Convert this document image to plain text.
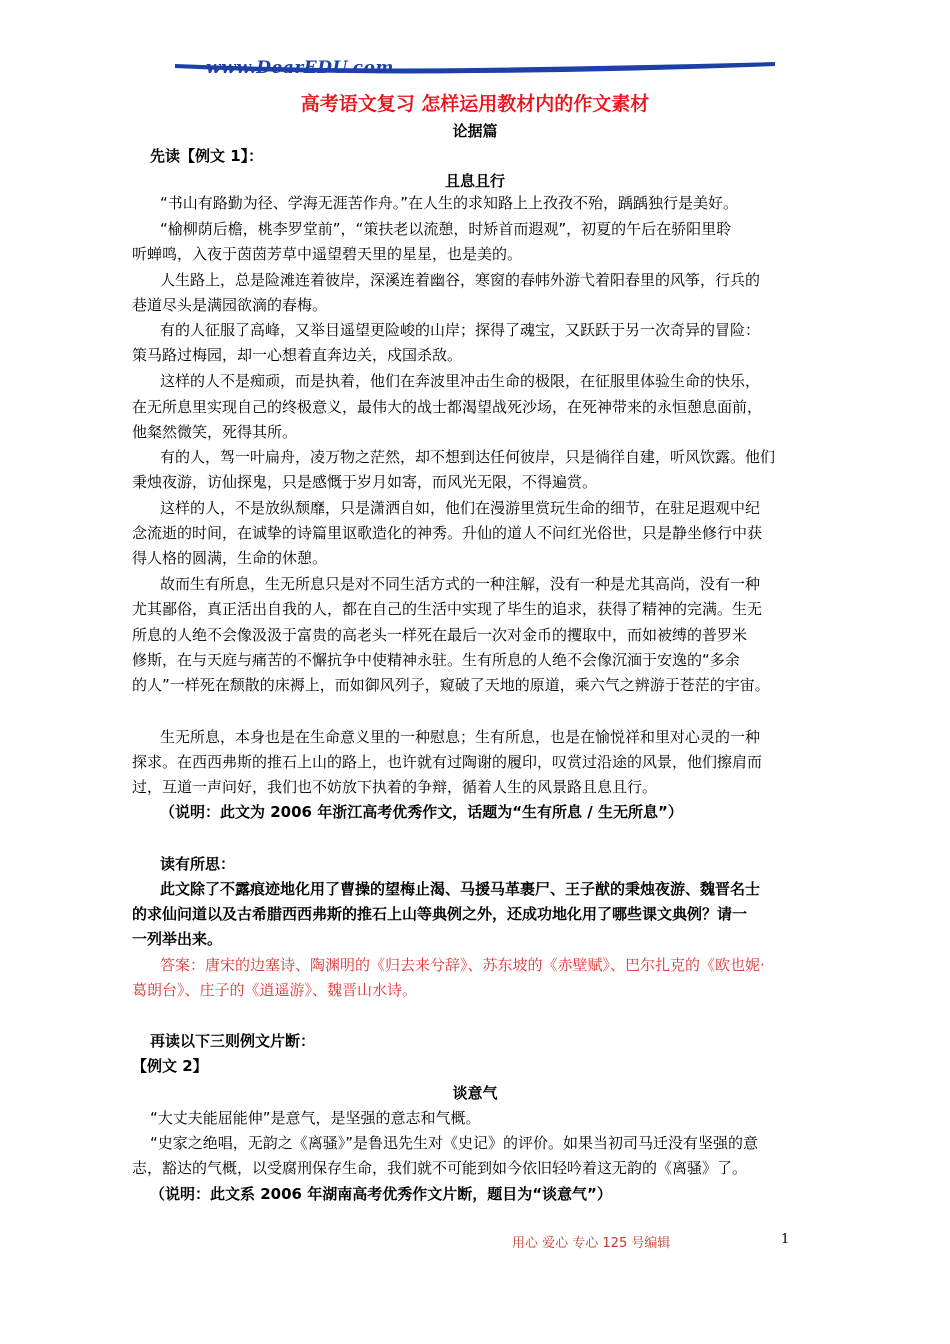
www.DearEDU.com
高考语文复习 怎样运用教材内的作文素材
论据篇
先读【例文 1】：
且息且行
“书山有路勤为径、学海无涯苦作舟。”在人生的求知路上上孜孜不殆，踽踽独行是美好。
“榆柳荫后檐，桃李罗堂前”，“策扶老以流憩，时矫首而遐观”，初夏的午后在骄阳里聆
听蝉鸣，入夜于茵茵芳草中遥望碧天里的星星，也是美的。
人生路上，总是险滩连着彼岸，深溪连着幽谷，寒窗的春帏外游弋着阳春里的风筝，行兵的
巷道尽头是满园欲滴的春梅。
有的人征服了高峰，又举目遥望更险峻的山岸；探得了魂宝，又跃跃于另一次奇异的冒险：
策马路过梅园，却一心想着直奔边关，戍国杀敌。
这样的人不是痴顽，而是执着，他们在奔波里冲击生命的极限，在征服里体验生命的快乐，
在无所息里实现自己的终极意义，最伟大的战士都渴望战死沙场，在死神带来的永恒憩息面前，
他粲然微笑，死得其所。
有的人，驾一叶扁舟，凌万物之茫然，却不想到达任何彼岸，只是徜徉自建，听风饮露。他们
秉烛夜游，访仙探鬼，只是感慨于岁月如寄，而风光无限，不得遍赏。
这样的人，不是放纵颓靡，只是潇洒自如，他们在漫游里赏玩生命的细节，在驻足遐观中纪
念流逝的时间，在诚挚的诗篇里讴歌造化的神秀。升仙的道人不问红光俗世，只是静坐修行中获
得人格的圆满，生命的休憩。
故而生有所息，生无所息只是对不同生活方式的一种注解，没有一种是尤其高尚，没有一种
尤其鄙俗，真正活出自我的人，都在自己的生活中实现了毕生的追求，获得了精神的完满。生无
所息的人绝不会像汲汲于富贵的高老头一样死在最后一次对金币的攫取中，而如被缚的普罗米
修斯，在与天庭与痛苦的不懈抗争中使精神永驻。生有所息的人绝不会像沉湎于安逸的“多余
的人”一样死在颓散的床褥上，而如御风列子，窥破了天地的原道，乘六气之辨游于苍茫的宇宙。
生无所息，本身也是在生命意义里的一种慰息；生有所息，也是在愉悦祥和里对心灵的一种
探求。在西西弗斯的推石上山的路上，也许就有过陶谢的履印，叹赏过沿途的风景，他们擦肩而
过，互道一声问好，我们也不妨放下执着的争辩，循着人生的风景路且息且行。
（说明：此文为 2006 年浙江高考优秀作文，话题为“生有所息 / 生无所息”）
读有所思：
此文除了不露痕迹地化用了曹操的望梅止渴、马援马革裹尸、王子猷的秉烛夜游、魏晋名士
的求仙问道以及古希腊西西弗斯的推石上山等典例之外，还成功地化用了哪些课文典例？请一
一列举出来。
答案：唐宋的边塞诗、陶渊明的《归去来兮辞》、苏东坡的《赤壁赋》、巴尔扎克的《欧也妮·
葛朗台》、庄子的《逍遥游》、魏晋山水诗。
再读以下三则例文片断：
【例文 2】
谈意气
“大丈夫能屈能伸”是意气，是坚强的意志和气概。
“史家之绝唱，无韵之《离骚》”是鲁迅先生对《史记》的评价。如果当初司马迁没有坚强的意
志，豁达的气概，以受腐刑保存生命，我们就不可能到如今依旧轻吟着这无韵的《离骚》了。
（说明：此文系 2006 年湖南高考优秀作文片断，题目为“谈意气”）
用心 爱心 专心 125 号编辑	1
